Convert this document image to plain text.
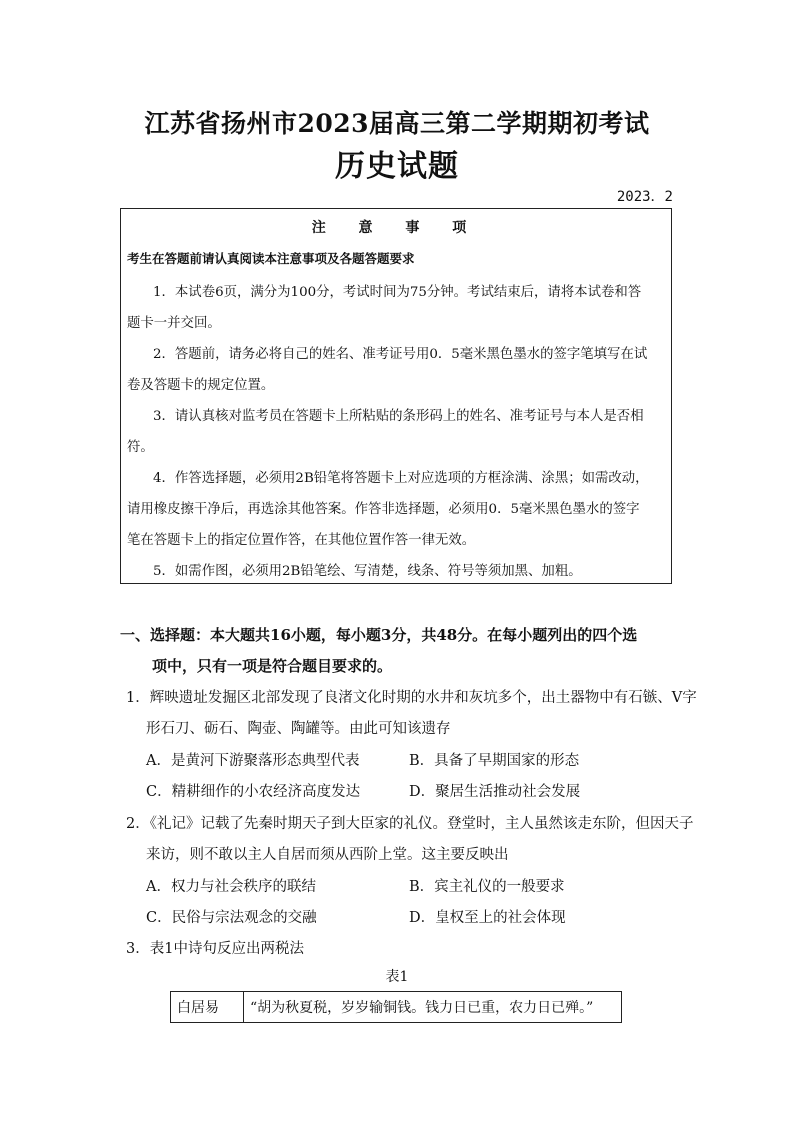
江苏省扬州市2023届高三第二学期期初考试
历史试题
2023．2
注 意 事 项
考生在答题前请认真阅读本注意事项及各题答题要求
1．本试卷6页，满分为100分，考试时间为75分钟。考试结束后，请将本试卷和答
题卡一并交回。
2．答题前，请务必将自己的姓名、准考证号用0．5毫米黑色墨水的签字笔填写在试
卷及答题卡的规定位置。
3．请认真核对监考员在答题卡上所粘贴的条形码上的姓名、准考证号与本人是否相
符。
4．作答选择题，必须用2B铅笔将答题卡上对应选项的方框涂满、涂黑；如需改动，
请用橡皮擦干净后，再选涂其他答案。作答非选择题，必须用0．5毫米黑色墨水的签字
笔在答题卡上的指定位置作答，在其他位置作答一律无效。
5．如需作图，必须用2B铅笔绘、写清楚，线条、符号等须加黑、加粗。
一、选择题：本大题共16小题，每小题3分，共48分。在每小题列出的四个选
项中，只有一项是符合题目要求的。
1．辉映遗址发掘区北部发现了良渚文化时期的水井和灰坑多个，出土器物中有石镞、V字
形石刀、砺石、陶壶、陶罐等。由此可知该遗存
A．是黄河下游聚落形态典型代表	B．具备了早期国家的形态
C．精耕细作的小农经济高度发达	D．聚居生活推动社会发展
2．《礼记》记载了先秦时期天子到大臣家的礼仪。登堂时，主人虽然该走东阶，但因天子
来访，则不敢以主人自居而须从西阶上堂。这主要反映出
A．权力与社会秩序的联结	B．宾主礼仪的一般要求
C．民俗与宗法观念的交融	D．皇权至上的社会体现
3．表1中诗句反应出两税法
表1
白居易	“胡为秋夏税，岁岁输铜钱。钱力日已重，农力日已殚。”
